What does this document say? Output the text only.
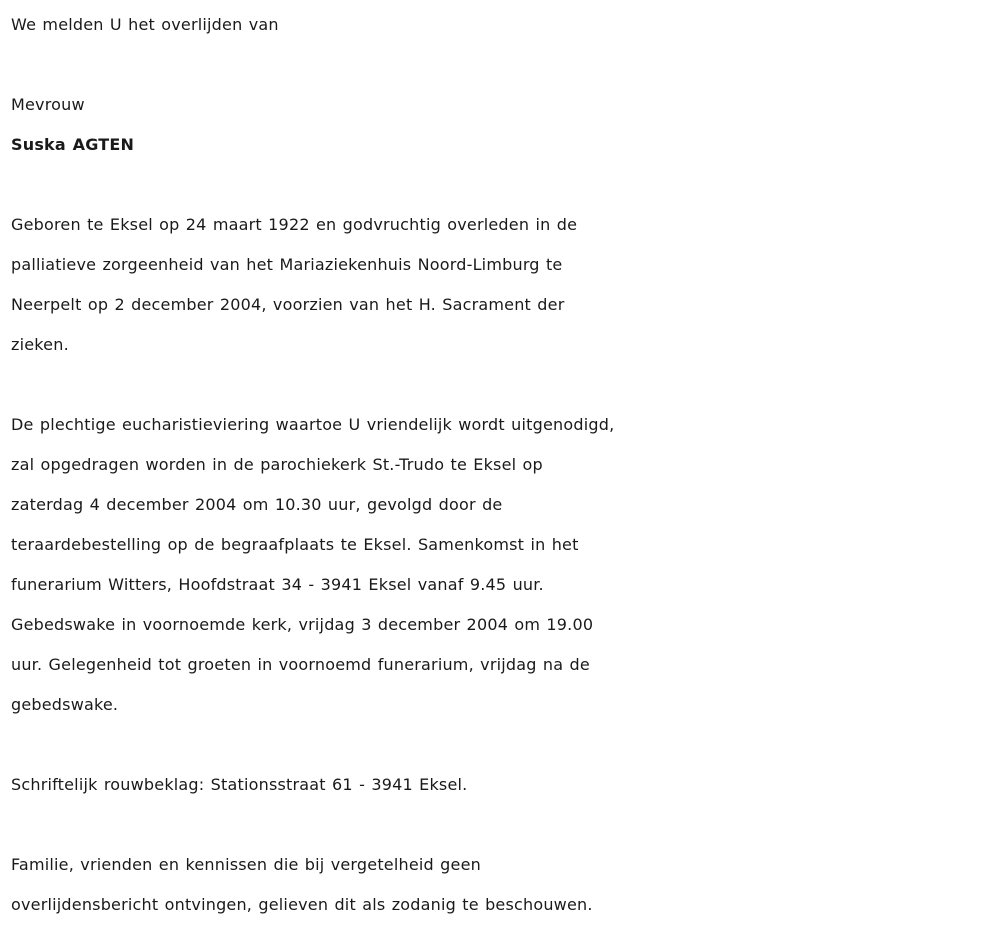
We melden U het overlijden van
Mevrouw
Suska AGTEN
Geboren te Eksel op 24 maart 1922 en godvruchtig overleden in de
palliatieve zorgeenheid van het Mariaziekenhuis Noord-Limburg te
Neerpelt op 2 december 2004, voorzien van het H. Sacrament der
zieken.
De plechtige eucharistieviering waartoe U vriendelijk wordt uitgenodigd,
zal opgedragen worden in de parochiekerk St.-Trudo te Eksel op
zaterdag 4 december 2004 om 10.30 uur, gevolgd door de
teraardebestelling op de begraafplaats te Eksel. Samenkomst in het
funerarium Witters, Hoofdstraat 34 - 3941 Eksel vanaf 9.45 uur.
Gebedswake in voornoemde kerk, vrijdag 3 december 2004 om 19.00
uur. Gelegenheid tot groeten in voornoemd funerarium, vrijdag na de
gebedswake.
Schriftelijk rouwbeklag: Stationsstraat 61 - 3941 Eksel.
Familie, vrienden en kennissen die bij vergetelheid geen
overlijdensbericht ontvingen, gelieven dit als zodanig te beschouwen.
